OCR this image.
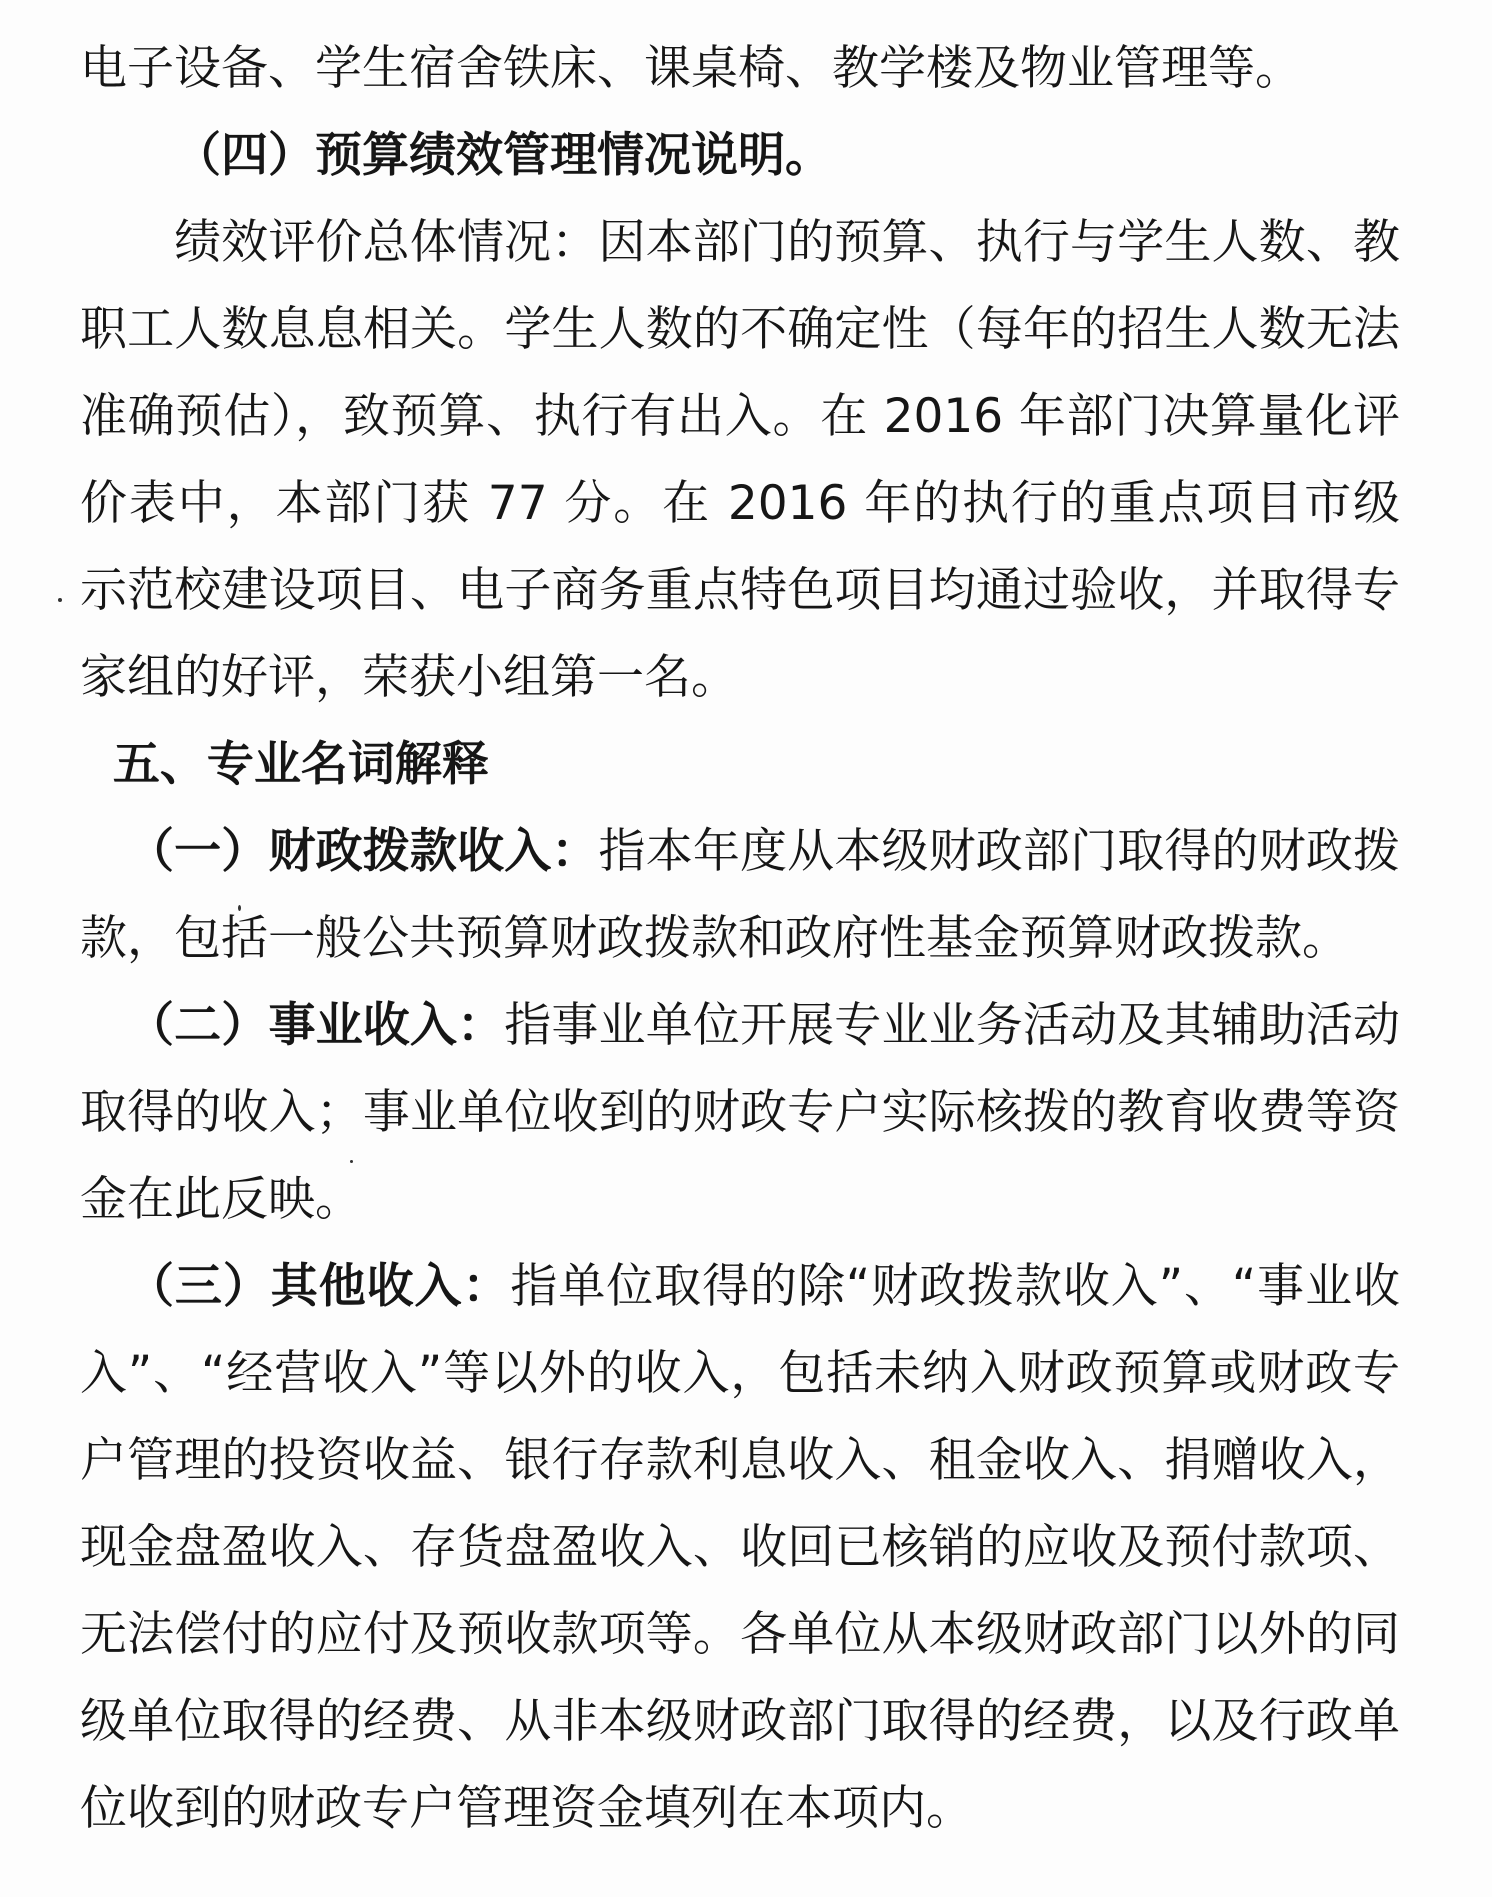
电子设备、学生宿舍铁床、课桌椅、教学楼及物业管理等。

（四）预算绩效管理情况说明。

绩效评价总体情况：因本部门的预算、执行与学生人数、教职工人数息息相关。学生人数的不确定性（每年的招生人数无法准确预估），致预算、执行有出入。在 2016 年部门决算量化评价表中，本部门获 77 分。在 2016 年的执行的重点项目市级示范校建设项目、电子商务重点特色项目均通过验收，并取得专家组的好评，荣获小组第一名。

五、专业名词解释

（一）财政拨款收入：指本年度从本级财政部门取得的财政拨款，包括一般公共预算财政拨款和政府性基金预算财政拨款。

（二）事业收入：指事业单位开展专业业务活动及其辅助活动取得的收入；事业单位收到的财政专户实际核拨的教育收费等资金在此反映。

（三）其他收入：指单位取得的除“财政拨款收入”、“事业收入”、“经营收入”等以外的收入，包括未纳入财政预算或财政专户管理的投资收益、银行存款利息收入、租金收入、捐赠收入，现金盘盈收入、存货盘盈收入、收回已核销的应收及预付款项、无法偿付的应付及预收款项等。各单位从本级财政部门以外的同级单位取得的经费、从非本级财政部门取得的经费，以及行政单位收到的财政专户管理资金填列在本项内。
